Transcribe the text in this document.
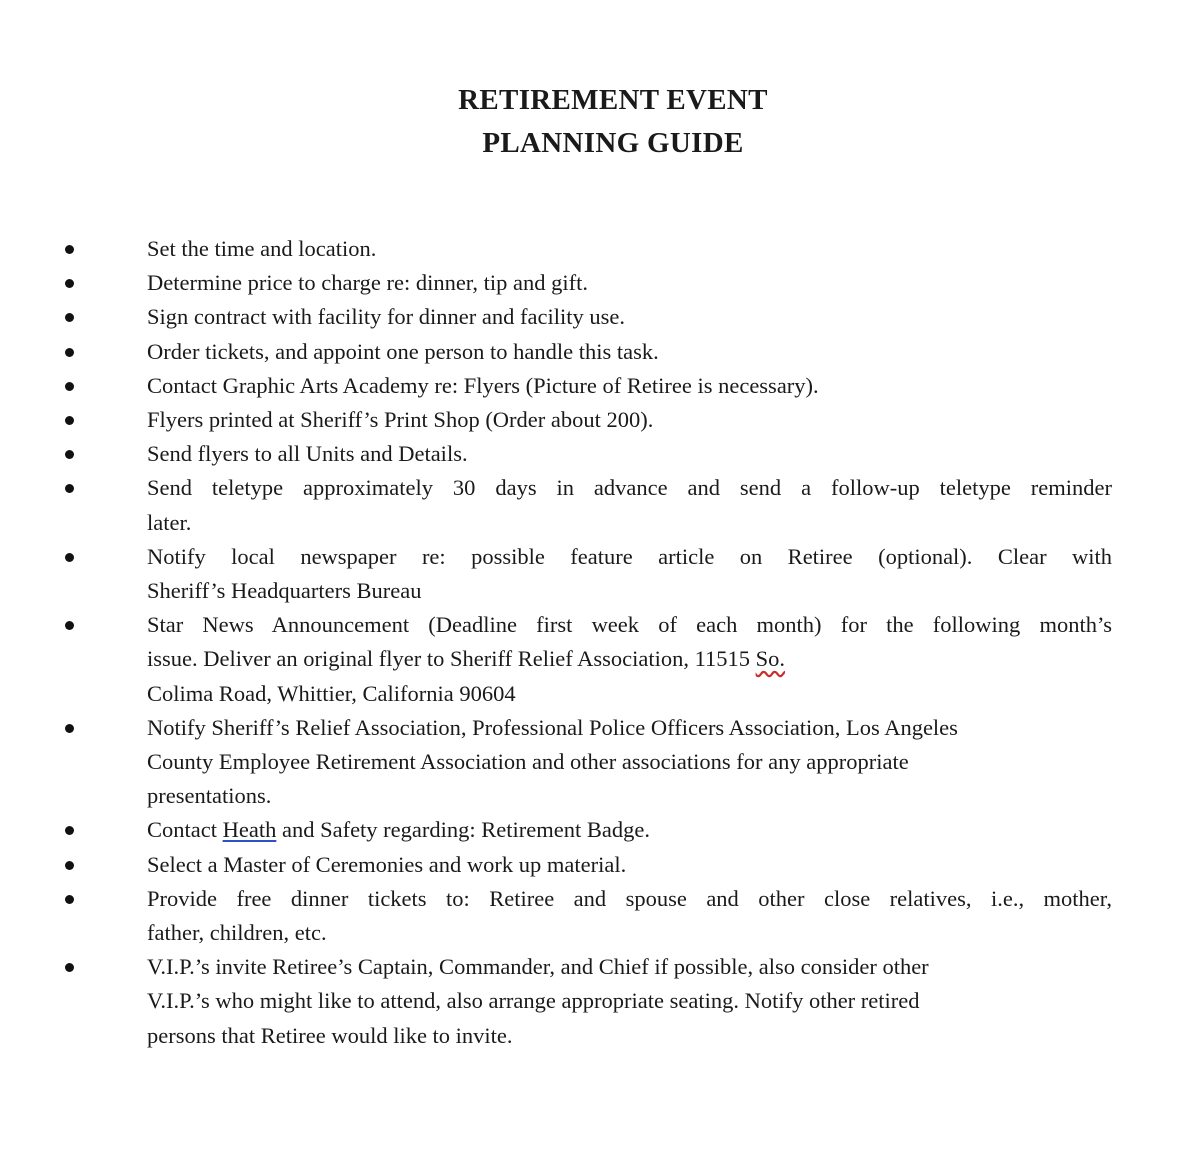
RETIREMENT EVENT
PLANNING GUIDE
Set the time and location.
Determine price to charge re: dinner, tip and gift.
Sign contract with facility for dinner and facility use.
Order tickets, and appoint one person to handle this task.
Contact Graphic Arts Academy re: Flyers (Picture of Retiree is necessary).
Flyers printed at Sheriff’s Print Shop (Order about 200).
Send flyers to all Units and Details.
Send teletype approximately 30 days in advance and send a follow-up teletype reminder
later.
Notify local newspaper re: possible feature article on Retiree (optional). Clear with
Sheriff’s Headquarters Bureau
Star News Announcement (Deadline first week of each month) for the following month’s
issue. Deliver an original flyer to Sheriff Relief Association, 11515 So.
Colima Road, Whittier, California 90604
Notify Sheriff’s Relief Association, Professional Police Officers Association, Los Angeles
County Employee Retirement Association and other associations for any appropriate
presentations.
Contact Heath and Safety regarding: Retirement Badge.
Select a Master of Ceremonies and work up material.
Provide free dinner tickets to: Retiree and spouse and other close relatives, i.e., mother,
father, children, etc.
V.I.P.’s invite Retiree’s Captain, Commander, and Chief if possible, also consider other
V.I.P.’s who might like to attend, also arrange appropriate seating. Notify other retired
persons that Retiree would like to invite.
